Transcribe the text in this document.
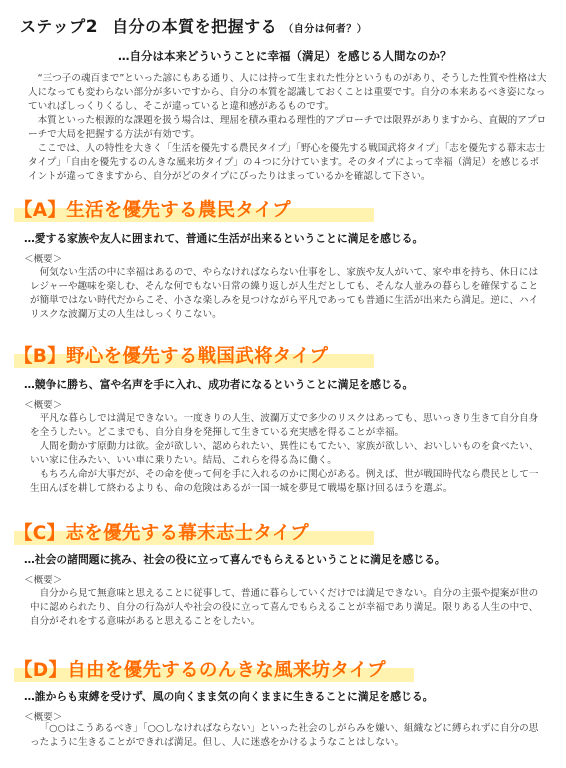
ステップ2 自分の本質を把握する （自分は何者？）
…自分は本来どういうことに幸福（満足）を感じる人間なのか？

“三つ子の魂百まで”といった諺にもある通り、人には持って生まれた性分というものがあり、そうした性質や性格は大人になっても変わらない部分が多いですから、自分の本質を認識しておくことは重要です。自分の本来あるべき姿になっていればしっくりくるし、そこが違っていると違和感があるものです。

本質といった根源的な課題を扱う場合は、理屈を積み重ねる理性的アプローチでは限界がありますから、直観的アプローチで大局を把握する方法が有効です。

ここでは、人の特性を大きく「生活を優先する農民タイプ」「野心を優先する戦国武将タイプ」「志を優先する幕末志士タイプ」「自由を優先するのんきな風来坊タイプ」の４つに分けています。そのタイプによって幸福（満足）を感じるポイントが違ってきますから、自分がどのタイプにぴったりはまっているかを確認して下さい。

【A】生活を優先する農民タイプ
…愛する家族や友人に囲まれて、普通に生活が出来るということに満足を感じる。
＜概要＞

何気ない生活の中に幸福はあるので、やらなければならない仕事をし、家族や友人がいて、家や車を持ち、休日にはレジャーや趣味を楽しむ、そんな何でもない日常の繰り返しが人生だとしても、そんな人並みの暮らしを確保することが簡単ではない時代だからこそ、小さな楽しみを見つけながら平凡であっても普通に生活が出来たら満足。逆に、ハイリスクな波瀾万丈の人生はしっくりこない。

【B】野心を優先する戦国武将タイプ
…競争に勝ち、富や名声を手に入れ、成功者になるということに満足を感じる。
＜概要＞

平凡な暮らしでは満足できない。一度きりの人生、波瀾万丈で多少のリスクはあっても、思いっきり生きて自分自身を全うしたい。どこまでも、自分自身を発揮して生きている充実感を得ることが幸福。

人間を動かす原動力は欲。金が欲しい、認められたい、異性にもてたい、家族が欲しい、おいしいものを食べたい、いい家に住みたい、いい車に乗りたい。結局、これらを得る為に働く。

もちろん命が大事だが、その命を使って何を手に入れるのかに関心がある。例えば、世が戦国時代なら農民として一生田んぼを耕して終わるよりも、命の危険はあるが一国一城を夢見て戦場を駆け回るほうを選ぶ。

【C】志を優先する幕末志士タイプ
…社会の諸問題に挑み、社会の役に立って喜んでもらえるということに満足を感じる。
＜概要＞

自分から見て無意味と思えることに従事して、普通に暮らしていくだけでは満足できない。自分の主張や提案が世の中に認められたり、自分の行為が人や社会の役に立って喜んでもらえることが幸福であり満足。限りある人生の中で、自分がそれをする意味があると思えることをしたい。

【D】自由を優先するのんきな風来坊タイプ
…誰からも束縛を受けず、風の向くまま気の向くままに生きることに満足を感じる。
＜概要＞

「○○はこうあるべき」「○○しなければならない」といった社会のしがらみを嫌い、組織などに縛られずに自分の思ったように生きることができれば満足。但し、人に迷惑をかけるようなことはしない。
